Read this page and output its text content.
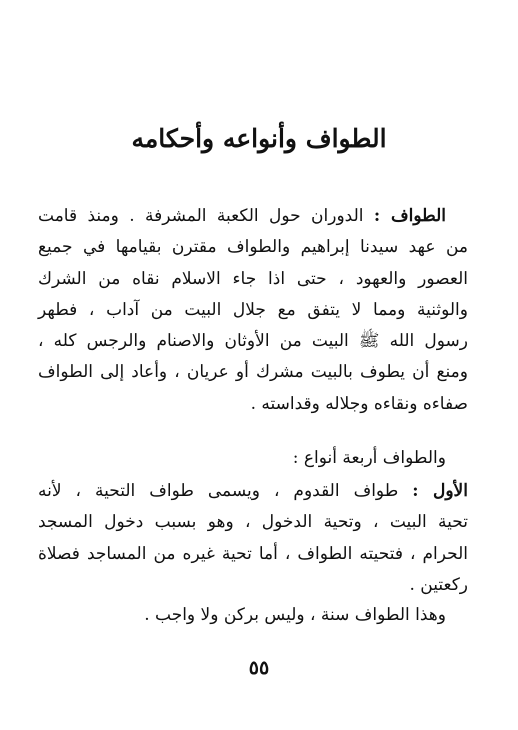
الطواف وأنواعه وأحكامه
الطواف : الدوران حول الكعبة المشرفة . ومنذ قامت
من عهد سيدنا إبراهيم والطواف مقترن بقيامها في جميع
العصور والعهود ، حتى اذا جاء الاسلام نقاه من الشرك
والوثنية ومما لا يتفق مع جلال البيت من آداب ، فطهر
رسول الله ﷺ البيت من الأوثان والاصنام والرجس كله ،
ومنع أن يطوف بالبيت مشرك أو عريان ، وأعاد إلى الطواف
صفاءه ونقاءه وجلاله وقداسته .
والطواف أربعة أنواع :
الأول : طواف القدوم ، ويسمى طواف التحية ، لأنه
تحية البيت ، وتحية الدخول ، وهو بسبب دخول المسجد
الحرام ، فتحيته الطواف ، أما تحية غيره من المساجد فصلاة
ركعتين .
وهذا الطواف سنة ، وليس بركن ولا واجب .
٥٥
